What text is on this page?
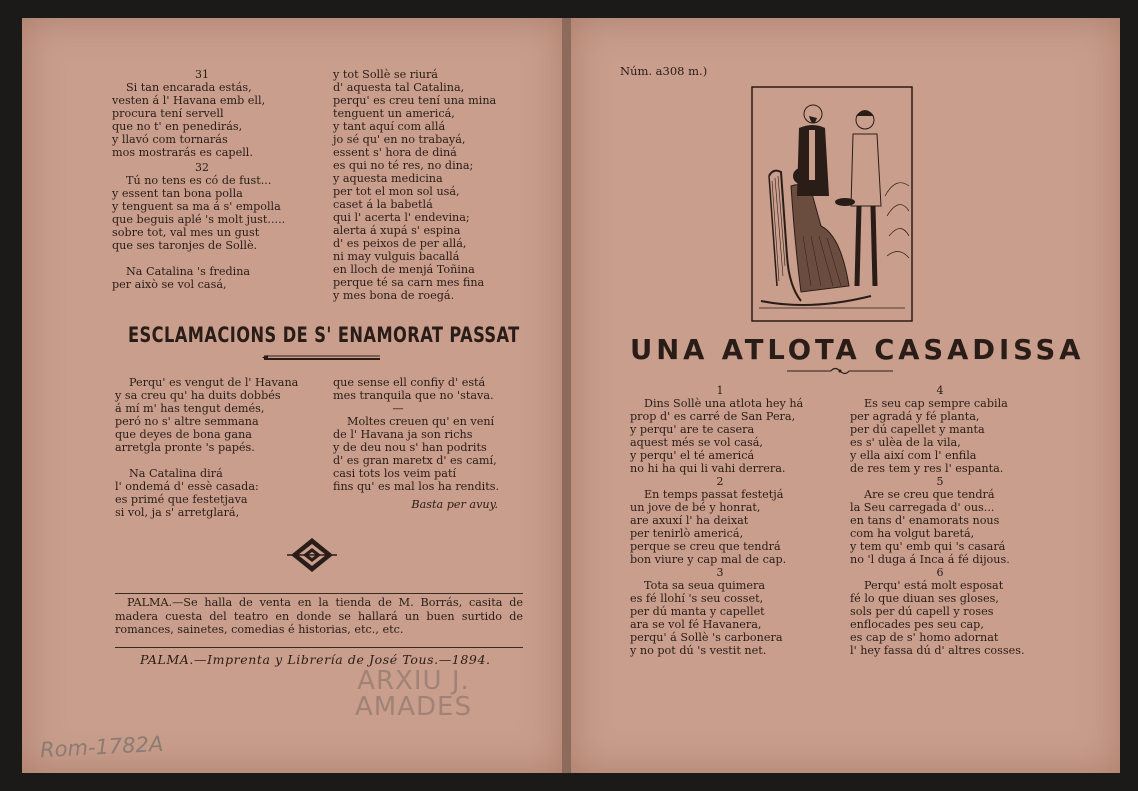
31
Si tan encarada estás,
vesten á l' Havana emb ell,
procura tení servell
que no t' en penedirás,
y llavó com tornarás
mos mostrarás es capell.
32
Tú no tens es có de fust...
y essent tan bona polla
y tenguent sa ma á s' empolla
que beguis aplé 's molt just.....
sobre tot, val mes un gust
que ses taronjes de Sollè.
Na Catalina 's fredina
per això se vol casá,
y tot Sollè se riurá
d' aquesta tal Catalina,
perqu' es creu tení una mina
tenguent un americá,
y tant aquí com allá
jo sé qu' en no trabayá,
essent s' hora de diná
es qui no té res, no dina;
y aquesta medicina
per tot el mon sol usá,
caset á la babetlá
qui l' acerta l' endevina;
alerta á xupá s' espina
d' es peixos de per allá,
ni may vulguis bacallá
en lloch de menjá Toñina
perque té sa carn mes fina
y mes bona de roegá.
ESCLAMACIONS DE S' ENAMORAT PASSAT
Perqu' es vengut de l' Havana
y sa creu qu' ha duits dobbés
á mí m' has tengut demés,
peró no s' altre semmana
que deyes de bona gana
arretgla pronte 's papés.
Na Catalina dirá
l' ondemá d' essè casada:
es primé que festetjava
si vol, ja s' arretglará,
que sense ell confiy d' está
mes tranquila que no 'stava.
—
Moltes creuen qu' en vení
de l' Havana ja son richs
y de deu nou s' han podrits
d' es gran maretx d' es camí,
casi tots los veim patí
fins qu' es mal los ha rendits.
Basta per avuy.
PALMA.—Se halla de venta en la tienda de M. Borrás, casita de madera cuesta del teatro en donde se hallará un buen surtido de romances, sainetes, comedias é historias, etc., etc.
PALMA.—Imprenta y Librería de José Tous.—1894.
ARXIU J.
AMADES
Rom-1782A
Núm. a308 m.)
UNA ATLOTA CASADISSA
1
Dins Sollè una atlota hey há
prop d' es carré de San Pera,
y perqu' are te casera
aquest més se vol casá,
y perqu' el té americá
no hi ha qui li vahi derrera.
2
En temps passat festetjá
un jove de bé y honrat,
are axuxí l' ha deixat
per tenirlò americá,
perque se creu que tendrá
bon viure y cap mal de cap.
3
Tota sa seua quimera
es fé llohí 's seu cosset,
per dú manta y capellet
ara se vol fé Havanera,
perqu' á Sollè 's carbonera
y no pot dú 's vestit net.
4
Es seu cap sempre cabila
per agradá y fé planta,
per dú capellet y manta
es s' ulèa de la vila,
y ella així com l' enfila
de res tem y res l' espanta.
5
Are se creu que tendrá
la Seu carregada d' ous...
en tans d' enamorats nous
com ha volgut baretá,
y tem qu' emb qui 's casará
no 'l duga á Inca á fé dijous.
6
Perqu' está molt esposat
fé lo que diuan ses gloses,
sols per dú capell y roses
enflocades pes seu cap,
es cap de s' homo adornat
l' hey fassa dú d' altres cosses.
